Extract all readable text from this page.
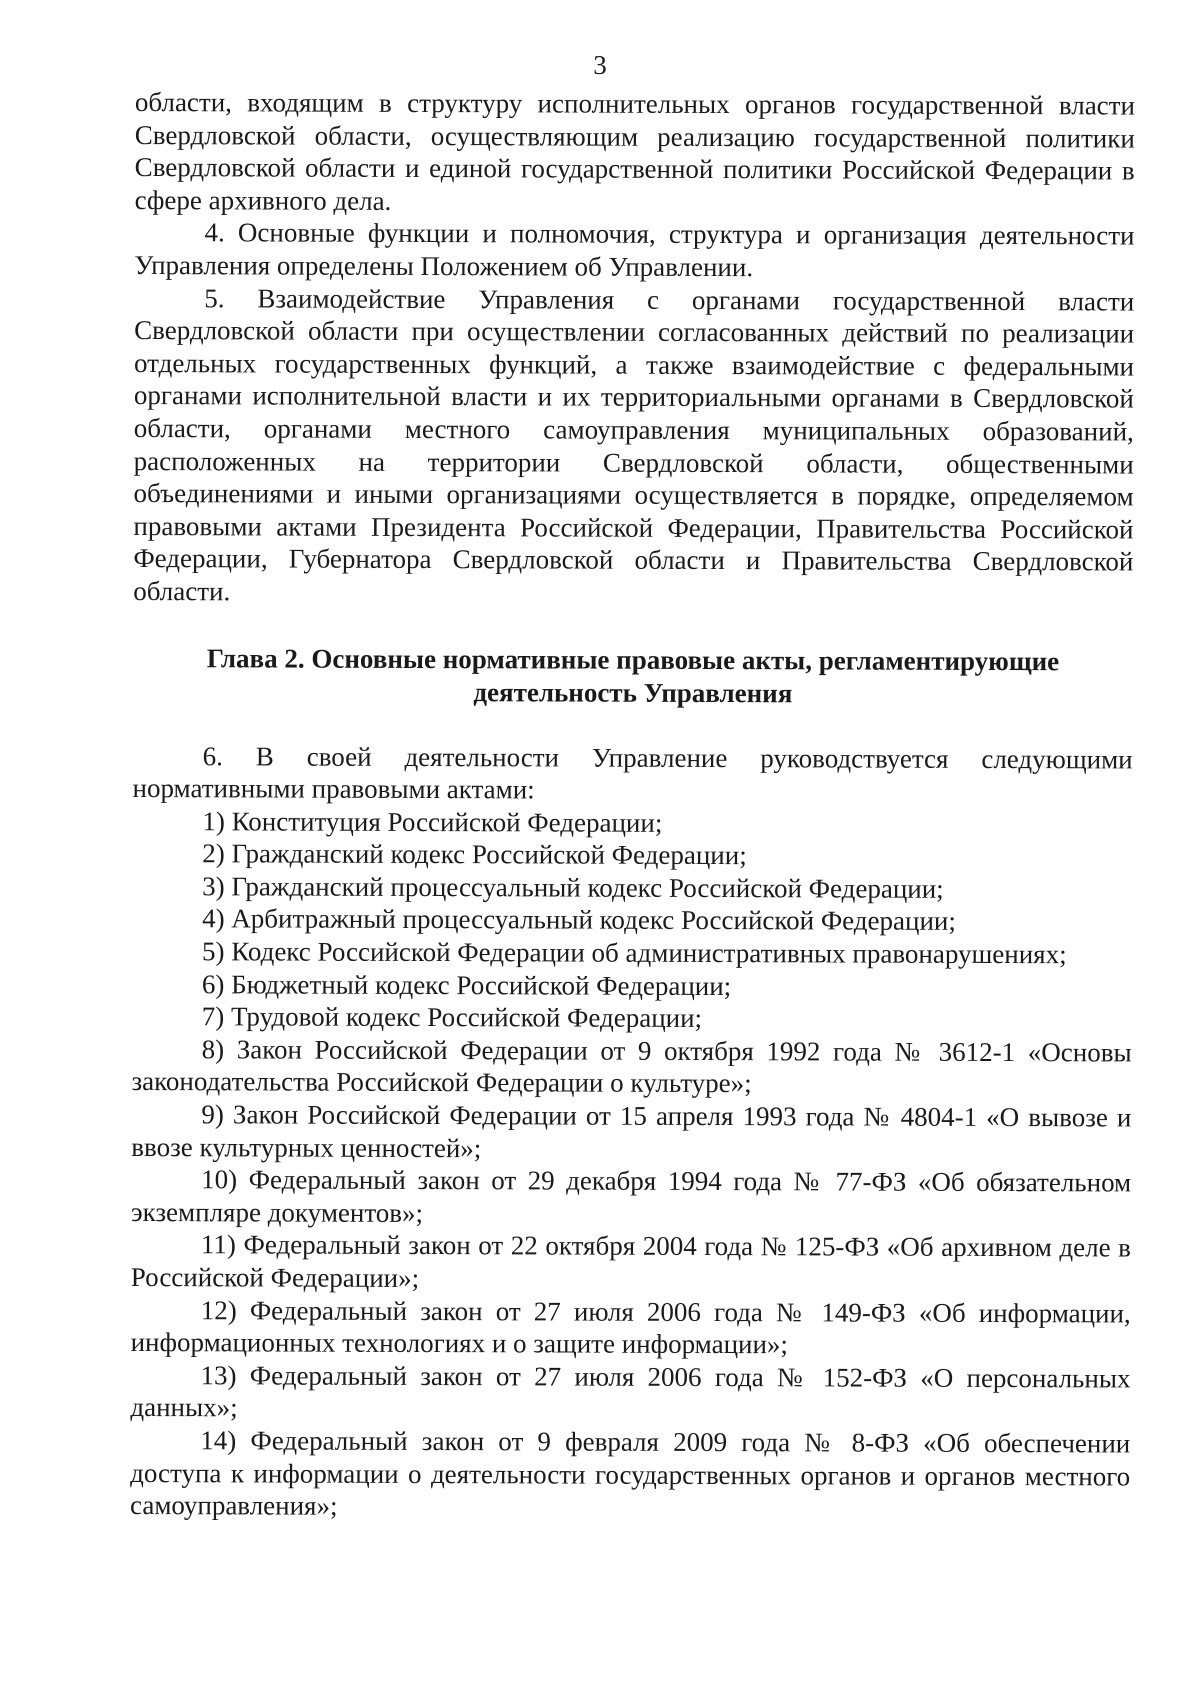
3

области, входящим в структуру исполнительных органов государственной власти Свердловской области, осуществляющим реализацию государственной политики Свердловской области и единой государственной политики Российской Федерации в сфере архивного дела.

4. Основные функции и полномочия, структура и организация деятельности Управления определены Положением об Управлении.

5. Взаимодействие Управления с органами государственной власти Свердловской области при осуществлении согласованных действий по реализации отдельных государственных функций, а также взаимодействие с федеральными органами исполнительной власти и их территориальными органами в Свердловской области, органами местного самоуправления муниципальных образований, расположенных на территории Свердловской области, общественными объединениями и иными организациями осуществляется в порядке, определяемом правовыми актами Президента Российской Федерации, Правительства Российской Федерации, Губернатора Свердловской области и Правительства Свердловской области.

Глава 2. Основные нормативные правовые акты, регламентирующие

деятельность Управления

6. В своей деятельности Управление руководствуется следующими нормативными правовыми актами:

1) Конституция Российской Федерации;

2) Гражданский кодекс Российской Федерации;

3) Гражданский процессуальный кодекс Российской Федерации;

4) Арбитражный процессуальный кодекс Российской Федерации;

5) Кодекс Российской Федерации об административных правонарушениях;

6) Бюджетный кодекс Российской Федерации;

7) Трудовой кодекс Российской Федерации;

8) Закон Российской Федерации от 9 октября 1992 года № 3612-1 «Основы законодательства Российской Федерации о культуре»;

9) Закон Российской Федерации от 15 апреля 1993 года № 4804-1 «О вывозе и ввозе культурных ценностей»;

10) Федеральный закон от 29 декабря 1994 года № 77-ФЗ «Об обязательном экземпляре документов»;

11) Федеральный закон от 22 октября 2004 года № 125-ФЗ «Об архивном деле в Российской Федерации»;

12) Федеральный закон от 27 июля 2006 года № 149-ФЗ «Об информации, информационных технологиях и о защите информации»;

13) Федеральный закон от 27 июля 2006 года № 152-ФЗ «О персональных данных»;

14) Федеральный закон от 9 февраля 2009 года № 8-ФЗ «Об обеспечении доступа к информации о деятельности государственных органов и органов местного самоуправления»;
